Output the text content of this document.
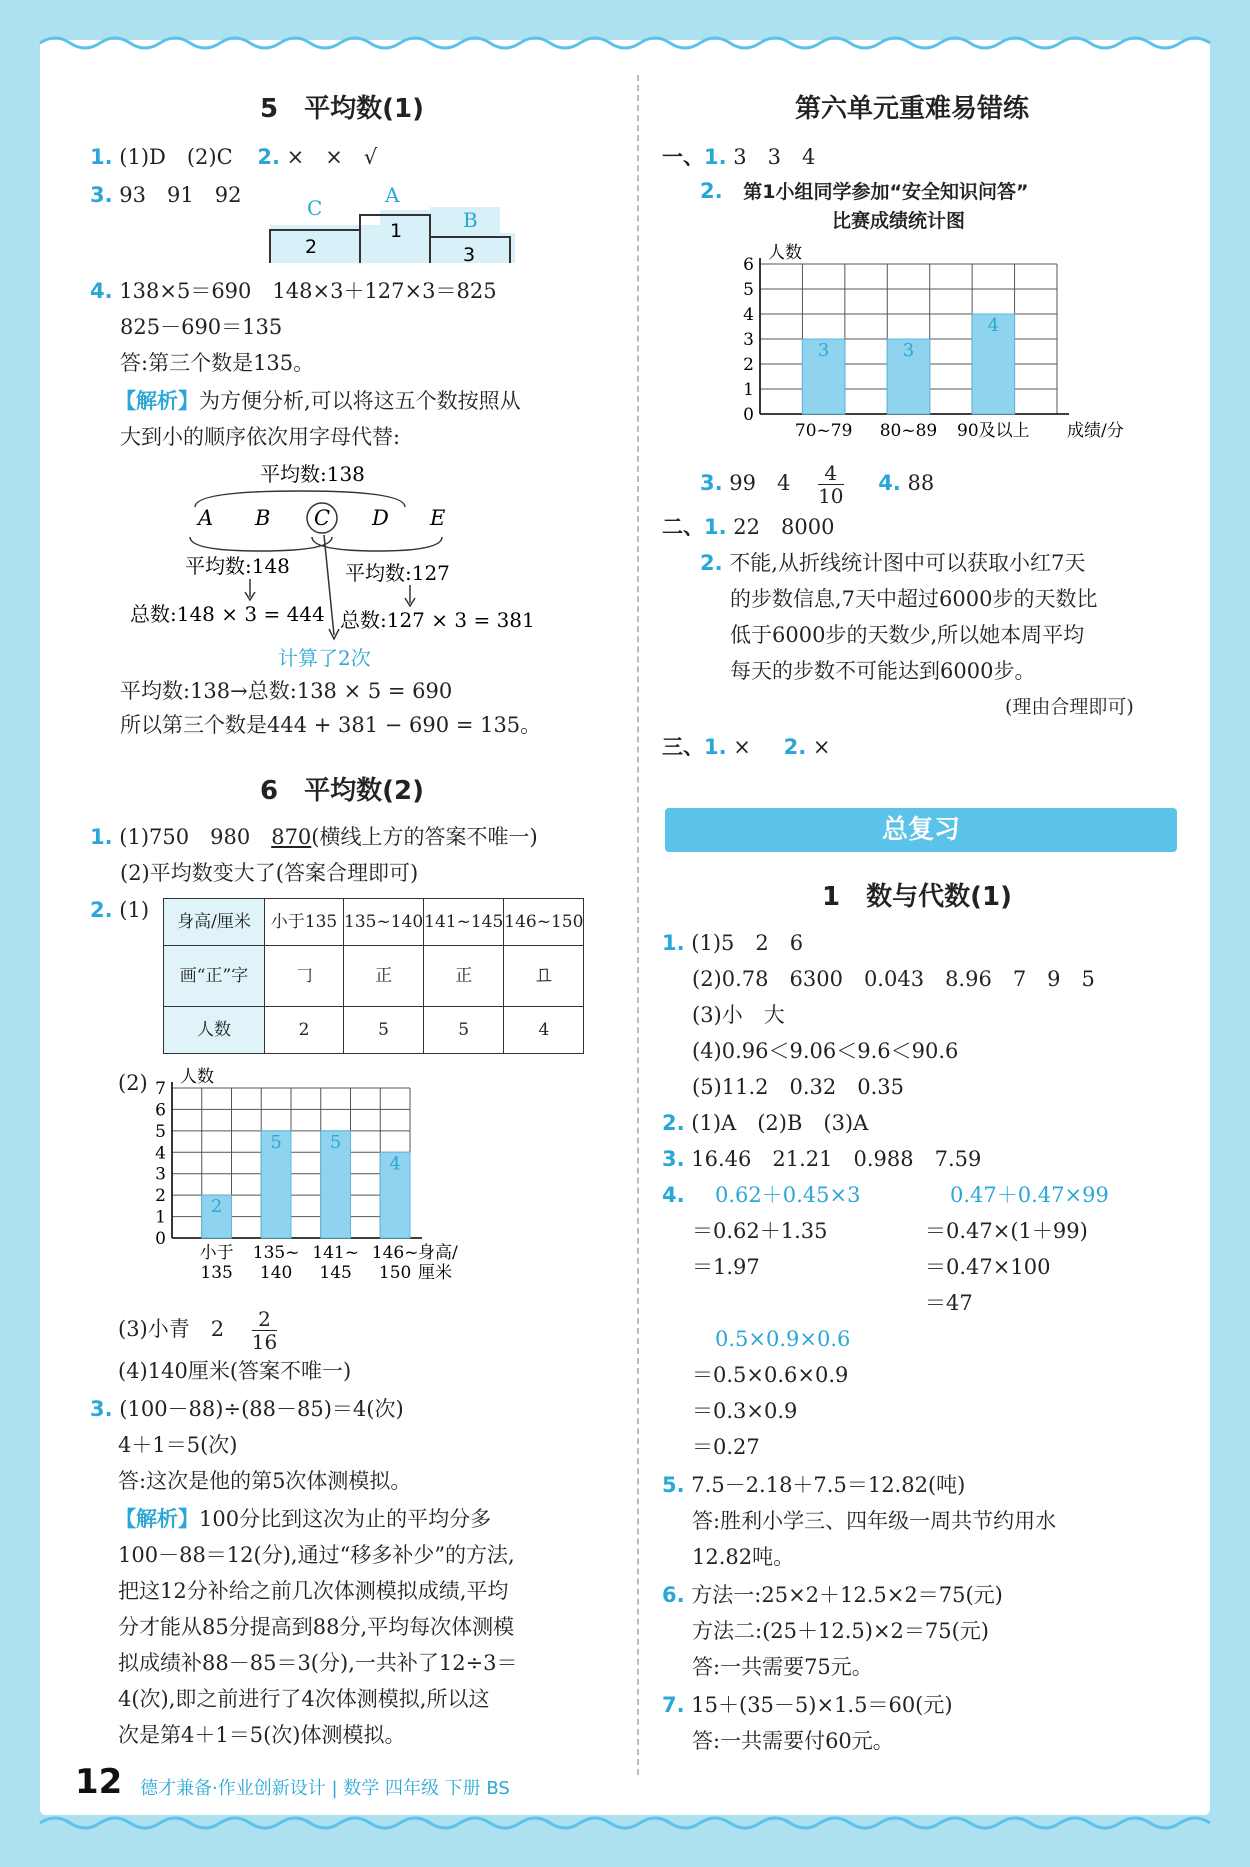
5　平均数(1)
1. (1)D　(2)C 2. ×　×　√
3. 93　91　92
C
A
B
1
2	3
4. 138×5＝690　148×3＋127×3＝825
825－690＝135
答:第三个数是135。
【解析】为方便分析,可以将这五个数按照从
大到小的顺序依次用字母代替:
平均数:138
A B C D E
平均数:148	平均数:127
总数:148 × 3 = 444 总数:127 × 3 = 381
计算了2次
平均数:138→总数:138 × 5 = 690
所以第三个数是444 + 381 − 690 = 135。
6　平均数(2)
1. (1)750　980　870(横线上方的答案不唯一)
(2)平均数变大了(答案合理即可)
2. (1) 身高/厘米	小于135	135~140	141~145	146~150
画“正”字	𠃌	正	正	𠀃
人数	2	5	5	4
(2)
0
1
2
3
4
5
6
7
人数
2
小于
135
5
135~
140
5
141~
145
4
146~
150
身高/
厘米
(3)小青　2　 $\frac{2}{16}$
(4)140厘米(答案不唯一)
3. (100－88)÷(88－85)＝4(次)
4＋1＝5(次)
答:这次是他的第5次体测模拟。
【解析】100分比到这次为止的平均分多
100－88＝12(分),通过“移多补少”的方法,
把这12分补给之前几次体测模拟成绩,平均
分才能从85分提高到88分,平均每次体测模
拟成绩补88－85＝3(分),一共补了12÷3＝
4(次),即之前进行了4次体测模拟,所以这
次是第4＋1＝5(次)体测模拟。
12 德才兼备·作业创新设计 | 数学 四年级 下册 BS
第六单元重难易错练
一、1. 3　3　4
2. 第1小组同学参加“安全知识问答”
比赛成绩统计图
0
1
2
3
4
5
6
人数
3
70~79
3
80~89
4
90及以上 成绩/分
3. 99　4　 $\frac{4}{10} 4$. 88
二、1. 22　8000
2. 不能,从折线统计图中可以获取小红7天
的步数信息,7天中超过6000步的天数比
低于6000步的天数少,所以她本周平均
每天的步数不可能达到6000步。
(理由合理即可)
三、1. × 2. ×
总复习
1　数与代数(1)
1. (1)5　2　6
(2)0.78　6300　0.043　8.96　7　9　5
(3)小　大
(4)0.96＜9.06＜9.6＜90.6
(5)11.2　0.32　0.35
2. (1)A　(2)B　(3)A
3. 16.46　21.21　0.988　7.59
4. 0.62＋0.45×3
＝0.62＋1.35
＝1.97
0.47＋0.47×99
＝0.47×(1＋99)
＝0.47×100
＝47
0.5×0.9×0.6
＝0.5×0.6×0.9
＝0.3×0.9
＝0.27
5. 7.5－2.18＋7.5＝12.82(吨)
答:胜利小学三、四年级一周共节约用水
12.82吨。
6. 方法一:25×2＋12.5×2＝75(元)
方法二:(25＋12.5)×2＝75(元)
答:一共需要75元。
7. 15＋(35－5)×1.5＝60(元)
答:一共需要付60元。
